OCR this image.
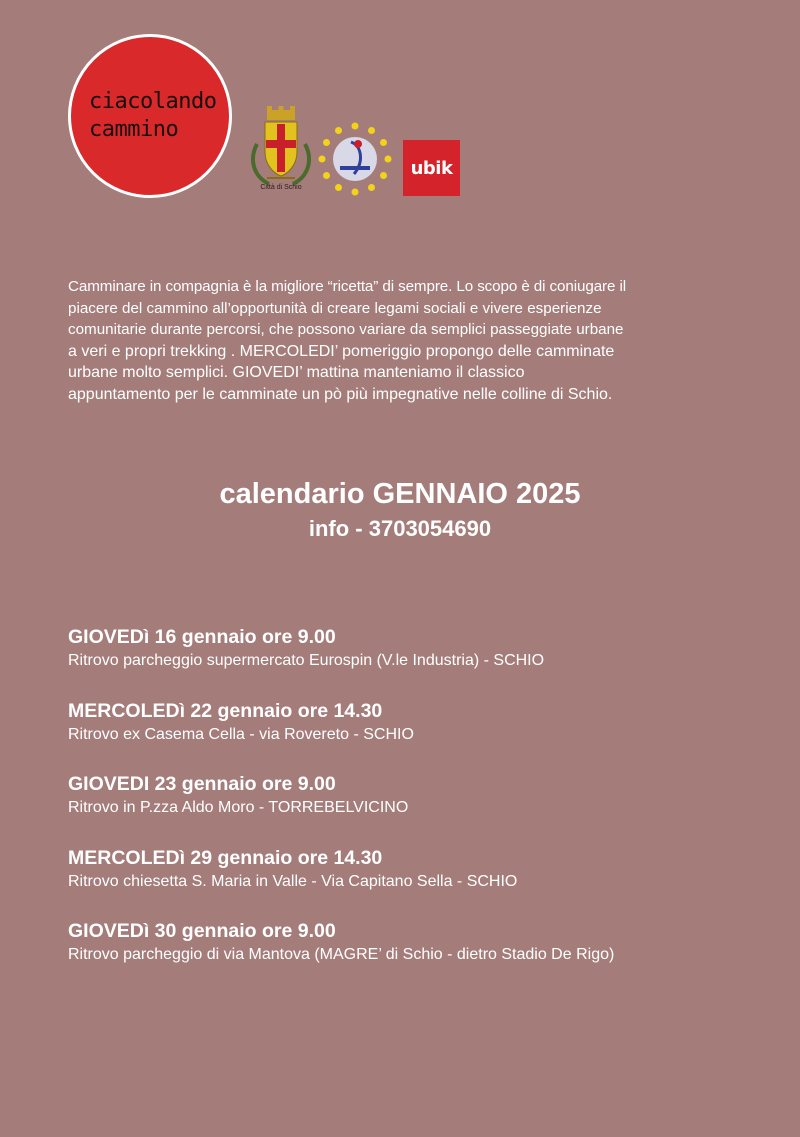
ciacolando
cammino
Città di Schio
ubik
Camminare in compagnia è la migliore “ricetta” di sempre. Lo scopo è di coniugare il
piacere del cammino all’opportunità di creare legami sociali e vivere esperienze
comunitarie durante percorsi, che possono variare da semplici passeggiate urbane
a veri e propri trekking . MERCOLEDI’ pomeriggio propongo delle camminate
urbane molto semplici. GIOVEDI’ mattina manteniamo il classico
appuntamento per le camminate un pò più impegnative nelle colline di Schio.
calendario GENNAIO 2025
info - 3703054690
GIOVEDì 16 gennaio ore 9.00
Ritrovo parcheggio supermercato Eurospin (V.le Industria) - SCHIO
MERCOLEDì 22 gennaio ore 14.30
Ritrovo ex Casema Cella - via Rovereto - SCHIO
GIOVEDI 23 gennaio ore 9.00
Ritrovo in P.zza Aldo Moro - TORREBELVICINO
MERCOLEDì 29 gennaio ore 14.30
Ritrovo chiesetta S. Maria in Valle - Via Capitano Sella - SCHIO
GIOVEDì 30 gennaio ore 9.00
Ritrovo parcheggio di via Mantova (MAGRE’ di Schio - dietro Stadio De Rigo)
